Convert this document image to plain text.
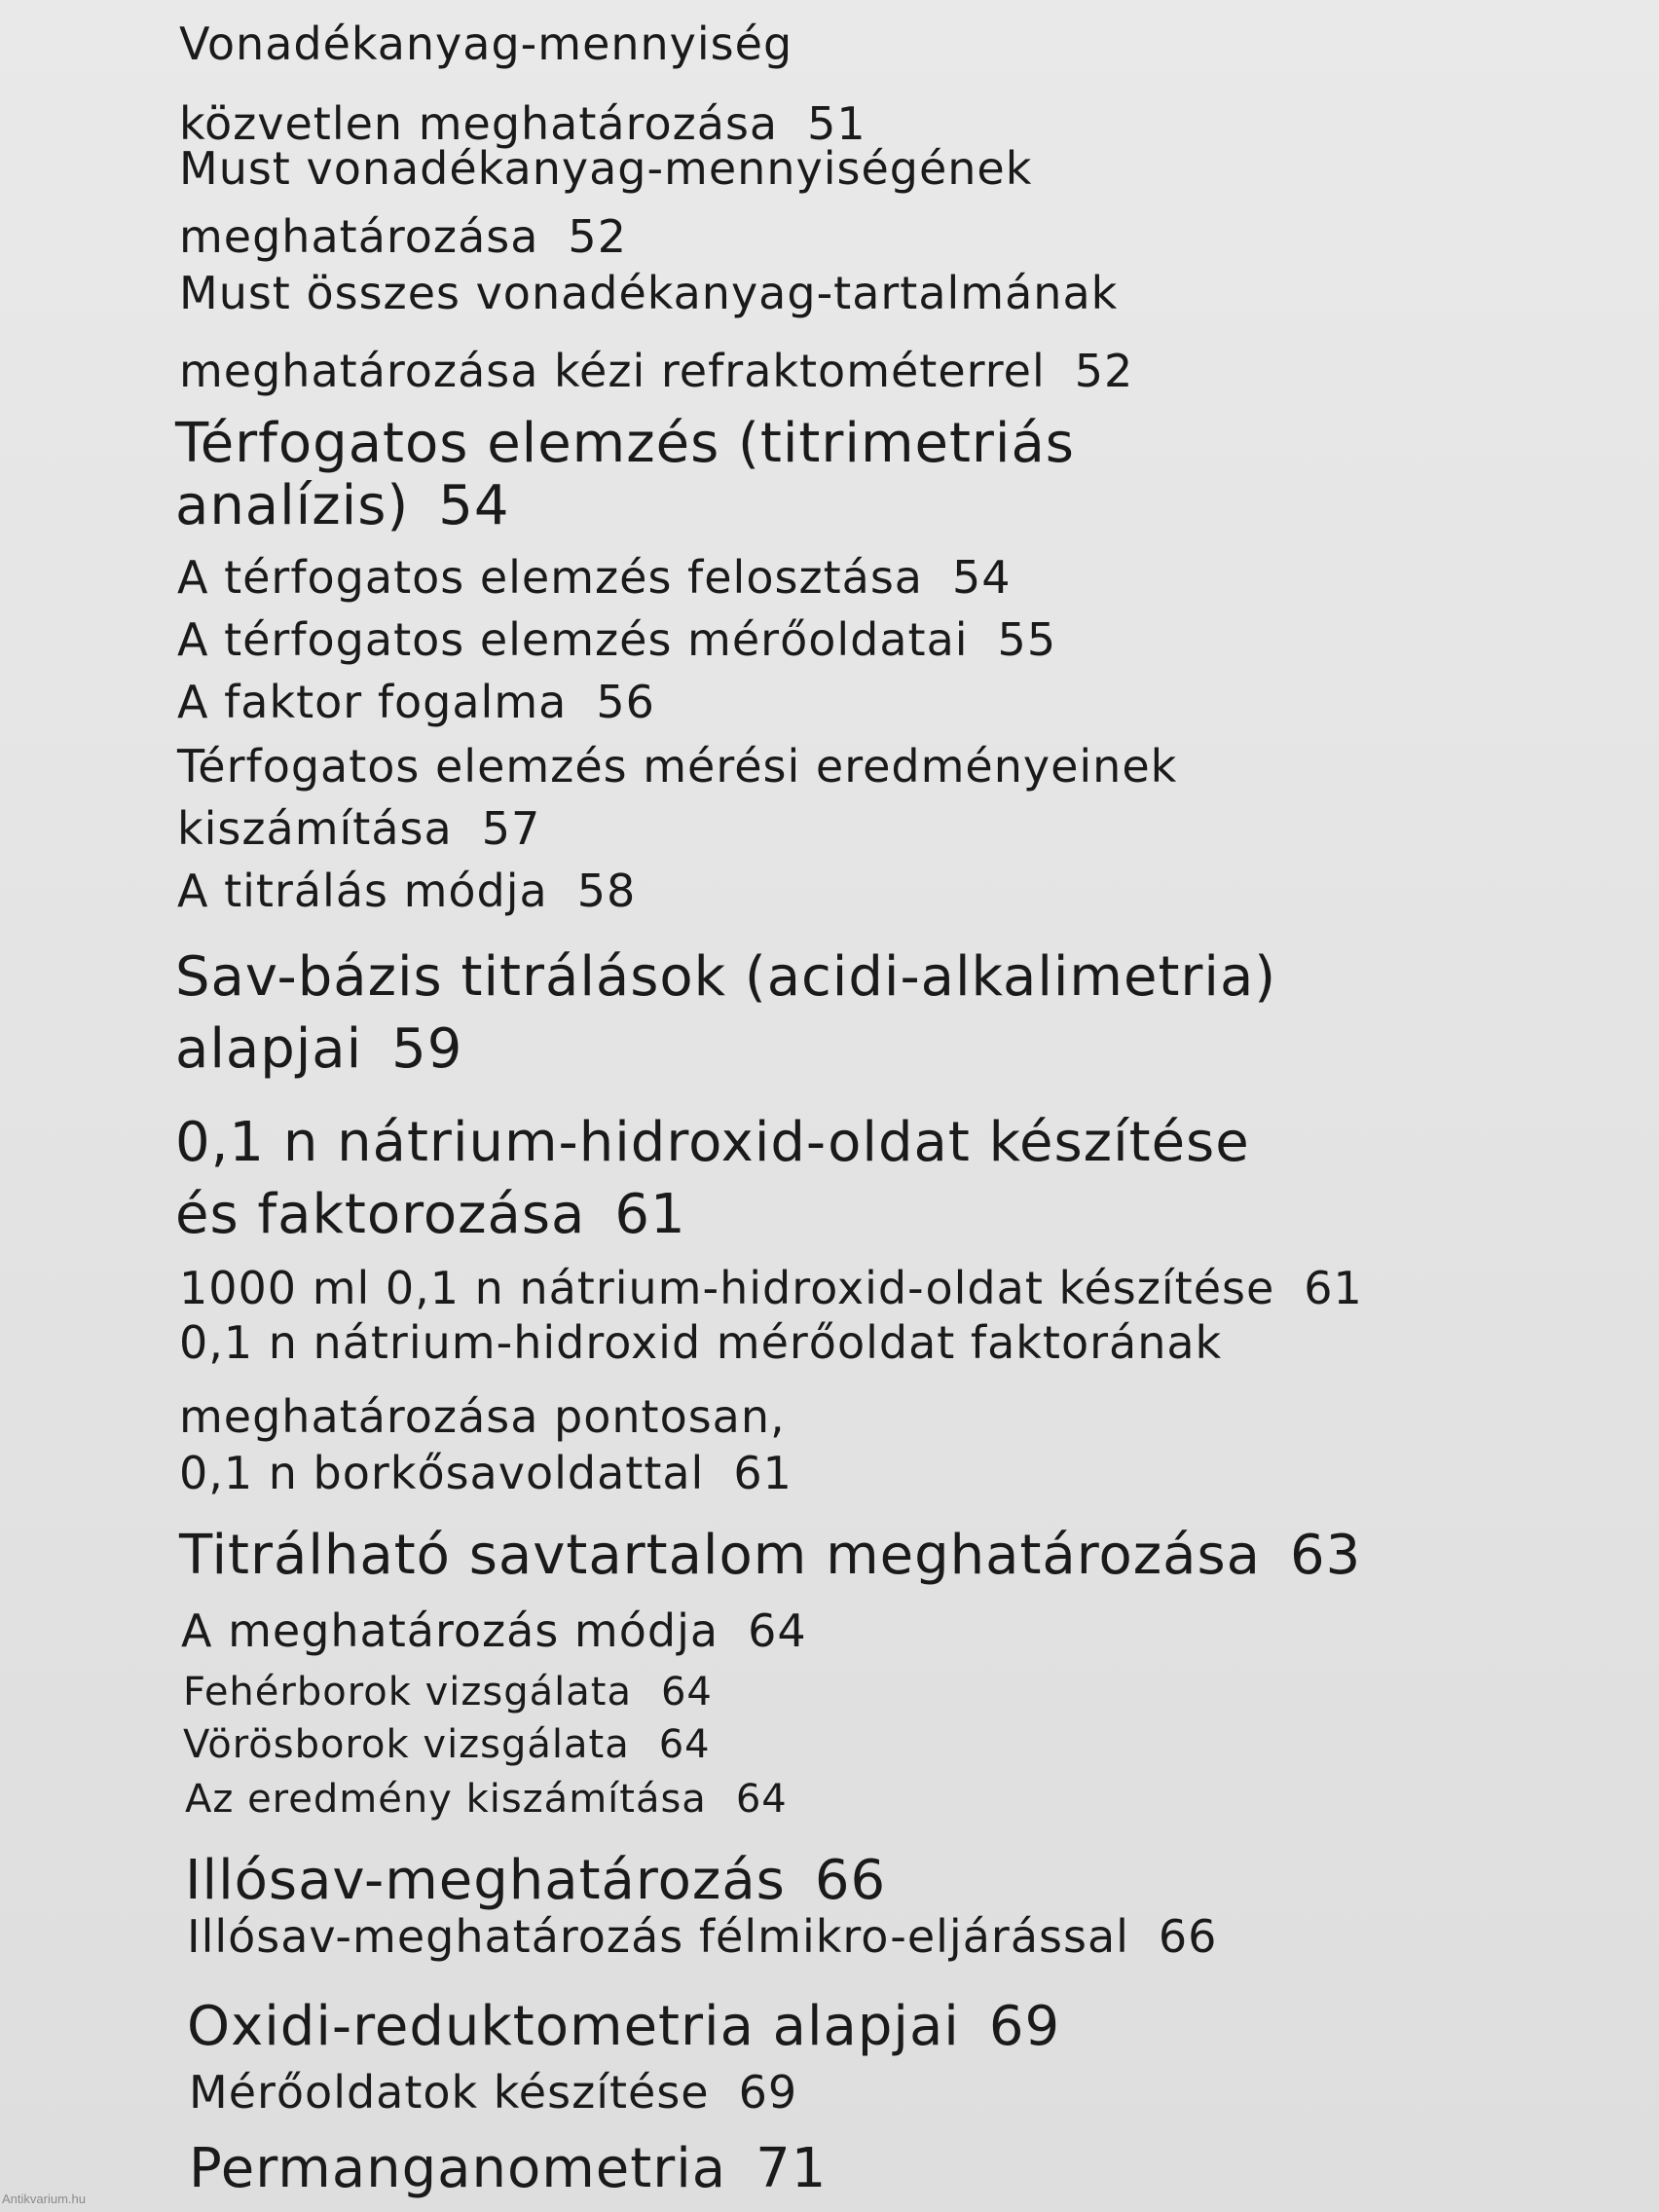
Vonadékanyag-mennyiség
közvetlen meghatározása 51
Must vonadékanyag-mennyiségének
meghatározása 52
Must összes vonadékanyag-tartalmának
meghatározása kézi refraktométerrel 52
Térfogatos elemzés (titrimetriás
analízis) 54
A térfogatos elemzés felosztása 54
A térfogatos elemzés mérőoldatai 55
A faktor fogalma 56
Térfogatos elemzés mérési eredményeinek
kiszámítása 57
A titrálás módja 58
Sav-bázis titrálások (acidi-alkalimetria)
alapjai 59
0,1 n nátrium-hidroxid-oldat készítése
és faktorozása 61
1000 ml 0,1 n nátrium-hidroxid-oldat készítése 61
0,1 n nátrium-hidroxid mérőoldat faktorának
meghatározása pontosan,
0,1 n borkősavoldattal 61
Titrálható savtartalom meghatározása 63
A meghatározás módja 64
Fehérborok vizsgálata 64
Vörösborok vizsgálata 64
Az eredmény kiszámítása 64
Illósav-meghatározás 66
Illósav-meghatározás félmikro-eljárással 66
Oxidi-reduktometria alapjai 69
Mérőoldatok készítése 69
Permanganometria 71
Antikvarium.hu
